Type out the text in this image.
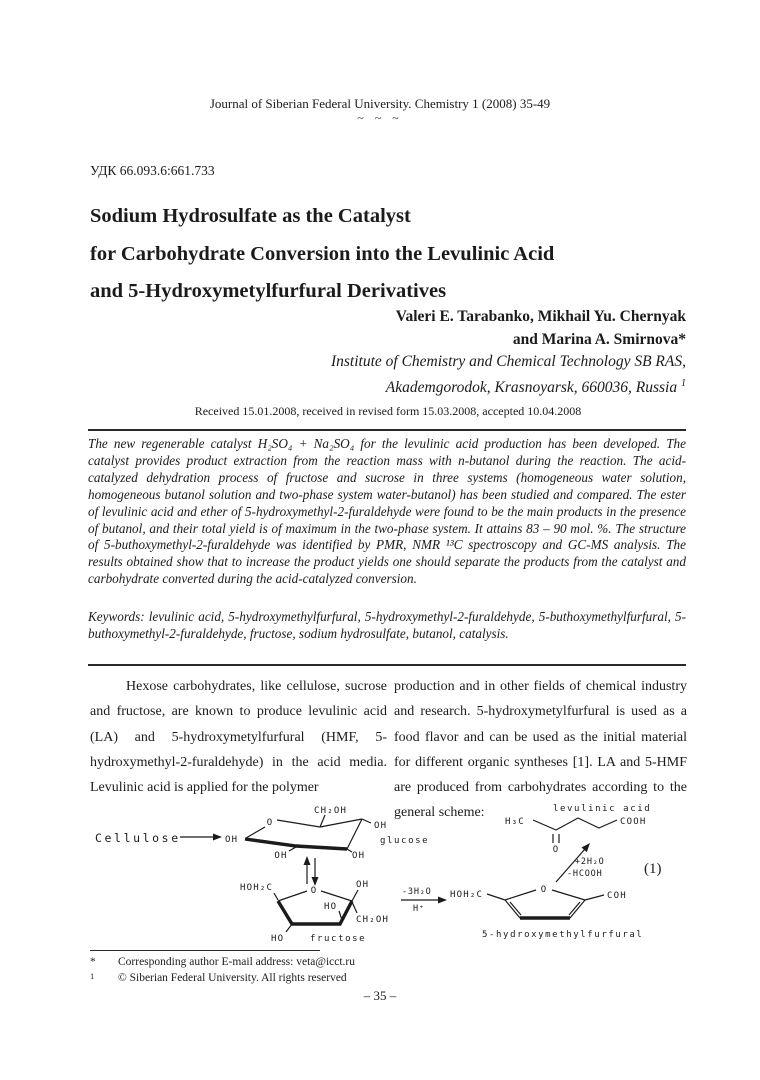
Journal of Siberian Federal University. Chemistry 1 (2008) 35-49
~ ~ ~
УДК 66.093.6:661.733
Sodium Hydrosulfate as the Catalyst
for Carbohydrate Conversion into the Levulinic Acid
and 5-Hydroxymetylfurfural Derivatives
Valeri E. Tarabanko, Mikhail Yu. Chernyak
and Marina A. Smirnova*
Institute of Chemistry and Chemical Technology SB RAS,
Akademgorodok, Krasnoyarsk, 660036, Russia $^1$
Received 15.01.2008, received in revised form 15.03.2008, accepted 10.04.2008
The new regenerable catalyst H₂SO₄ + Na₂SO₄ for the levulinic acid production has been developed. The catalyst provides product extraction from the reaction mass with n-butanol during the reaction. The acid-catalyzed dehydration process of fructose and sucrose in three systems (homogeneous water solution, homogeneous butanol solution and two-phase system water-butanol) has been studied and compared. The ester of levulinic acid and ether of 5-hydroxymethyl-2-furaldehyde were found to be the main products in the presence of butanol, and their total yield is of maximum in the two-phase system. It attains 83 – 90 mol. %. The structure of 5-buthoxymethyl-2-furaldehyde was identified by PMR, NMR ¹³C spectroscopy and GC-MS analysis. The results obtained show that to increase the product yields one should separate the products from the catalyst and carbohydrate converted during the acid-catalyzed conversion.
Keywords: levulinic acid, 5-hydroxymethylfurfural, 5-hydroxymethyl-2-furaldehyde, 5-buthoxymethylfurfural, 5-buthoxymethyl-2-furaldehyde, fructose, sodium hydrosulfate, butanol, catalysis.

Hexose carbohydrates, like cellulose, sucrose and fructose, are known to produce levulinic acid (LA) and 5-hydroxymetylfurfural (HMF, 5-hydroxymethyl-2-furaldehyde) in the acid media. Levulinic acid is applied for the polymer

production and in other fields of chemical industry and research. 5-hydroxymetylfurfural is used as a food flavor and can be used as the initial material for different organic syntheses [1]. LA and 5-HMF are produced from carbohydrates according to the general scheme:

Cellulose	OH
O
CH₂OH
OH
OH
OH
glucose
O
HOH₂C	OH
HO
CH₂OH
HO	fructose
-3H₂O
H⁺
levulinic acid
H₃C	COOH
O
+2H₂O
-HCOOH	(1)
HOH₂C	O
COH
5-hydroxymethylfurfural
*	Corresponding author E-mail address: veta@icct.ru
1	© Siberian Federal University. All rights reserved
– 35 –
